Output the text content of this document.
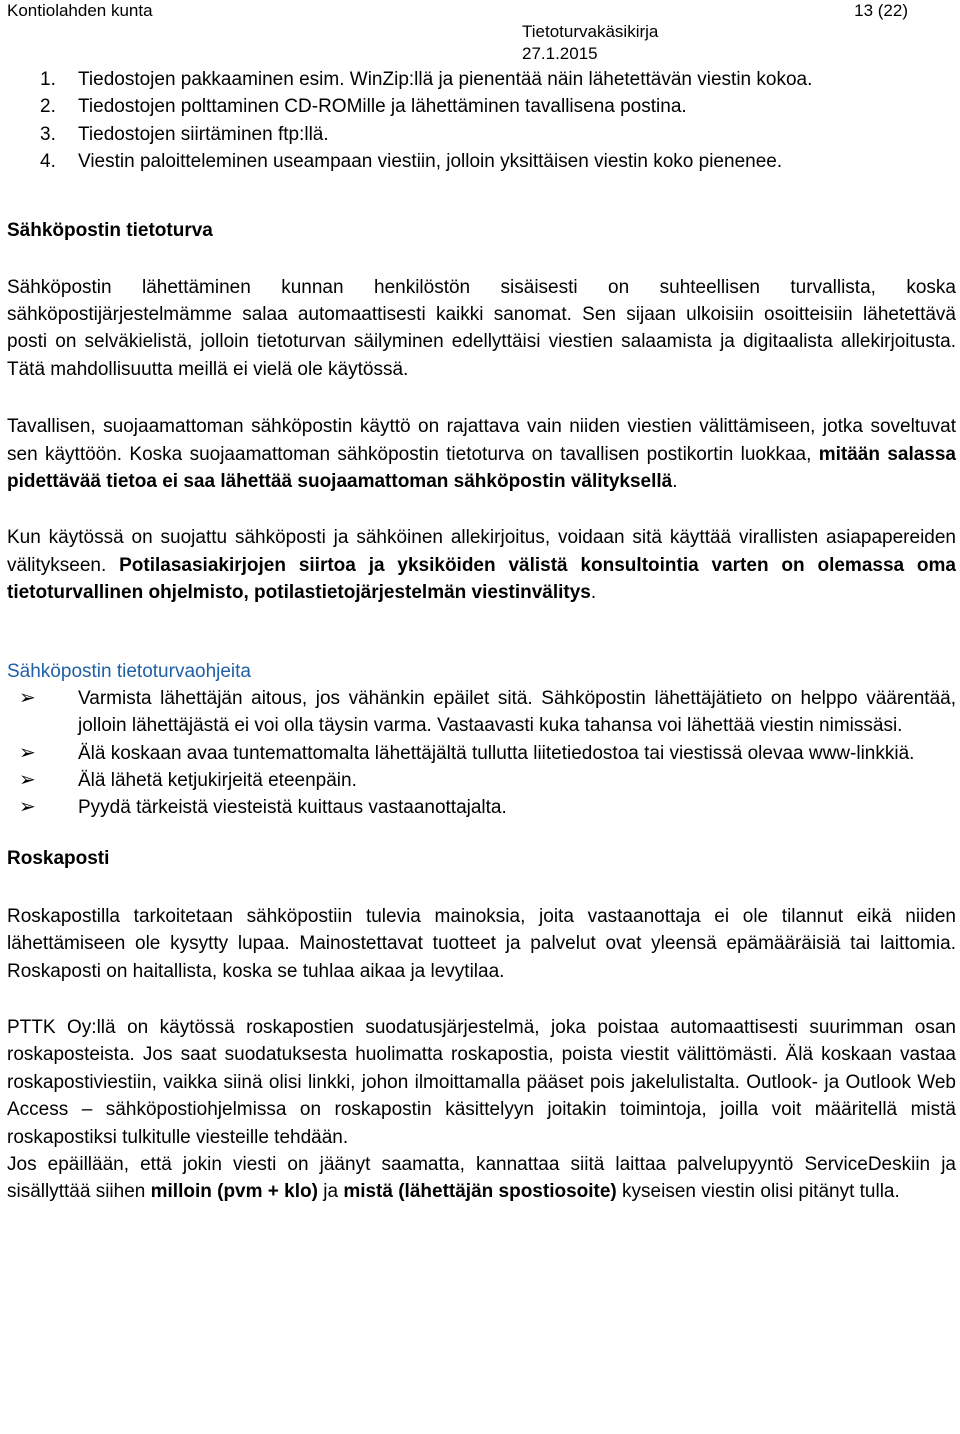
Kontiolahden kunta	13 (22)
Tietoturvakäsikirja
27.1.2015
1. Tiedostojen pakkaaminen esim. WinZip:llä ja pienentää näin lähetettävän viestin kokoa.
2. Tiedostojen polttaminen CD-ROMille ja lähettäminen tavallisena postina.
3. Tiedostojen siirtäminen ftp:llä.
4. Viestin paloitteleminen useampaan viestiin, jolloin yksittäisen viestin koko pienenee.

Sähköpostin tietoturva

Sähköpostin lähettäminen kunnan henkilöstön sisäisesti on suhteellisen turvallista, koska sähköpostijärjestelmämme salaa automaattisesti kaikki sanomat. Sen sijaan ulkoisiin osoitteisiin lähetettävä posti on selväkielistä, jolloin tietoturvan säilyminen edellyttäisi viestien salaamista ja digitaalista allekirjoitusta. Tätä mahdollisuutta meillä ei vielä ole käytössä.

Tavallisen, suojaamattoman sähköpostin käyttö on rajattava vain niiden viestien välittämiseen, jotka soveltuvat sen käyttöön. Koska suojaamattoman sähköpostin tietoturva on tavallisen postikortin luokkaa, mitään salassa pidettävää tietoa ei saa lähettää suojaamattoman sähköpostin välityksellä.

Kun käytössä on suojattu sähköposti ja sähköinen allekirjoitus, voidaan sitä käyttää virallisten asiapapereiden välitykseen. Potilasasiakirjojen siirtoa ja yksiköiden välistä konsultointia varten on olemassa oma tietoturvallinen ohjelmisto, potilastietojärjestelmän viestinvälitys.

Sähköpostin tietoturvaohjeita

➢ Varmista lähettäjän aitous, jos vähänkin epäilet sitä. Sähköpostin lähettäjätieto on helppo väärentää, jolloin lähettäjästä ei voi olla täysin varma. Vastaavasti kuka tahansa voi lähettää viestin nimissäsi.
➢ Älä koskaan avaa tuntemattomalta lähettäjältä tullutta liitetiedostoa tai viestissä olevaa www-linkkiä.
➢ Älä lähetä ketjukirjeitä eteenpäin.
➢ Pyydä tärkeistä viesteistä kuittaus vastaanottajalta.

Roskaposti

Roskapostilla tarkoitetaan sähköpostiin tulevia mainoksia, joita vastaanottaja ei ole tilannut eikä niiden lähettämiseen ole kysytty lupaa. Mainostettavat tuotteet ja palvelut ovat yleensä epämääräisiä tai laittomia. Roskaposti on haitallista, koska se tuhlaa aikaa ja levytilaa.

PTTK Oy:llä on käytössä roskapostien suodatusjärjestelmä, joka poistaa automaattisesti suurimman osan roskaposteista. Jos saat suodatuksesta huolimatta roskapostia, poista viestit välittömästi. Älä koskaan vastaa roskapostiviestiin, vaikka siinä olisi linkki, johon ilmoittamalla pääset pois jakelulistalta. Outlook- ja Outlook Web Access – sähköpostiohjelmissa on roskapostin käsittelyyn joitakin toimintoja, joilla voit määritellä mistä roskapostiksi tulkitulle viesteille tehdään.

Jos epäillään, että jokin viesti on jäänyt saamatta, kannattaa siitä laittaa palvelupyyntö ServiceDeskiin ja sisällyttää siihen milloin (pvm + klo) ja mistä (lähettäjän spostiosoite) kyseisen viestin olisi pitänyt tulla.
